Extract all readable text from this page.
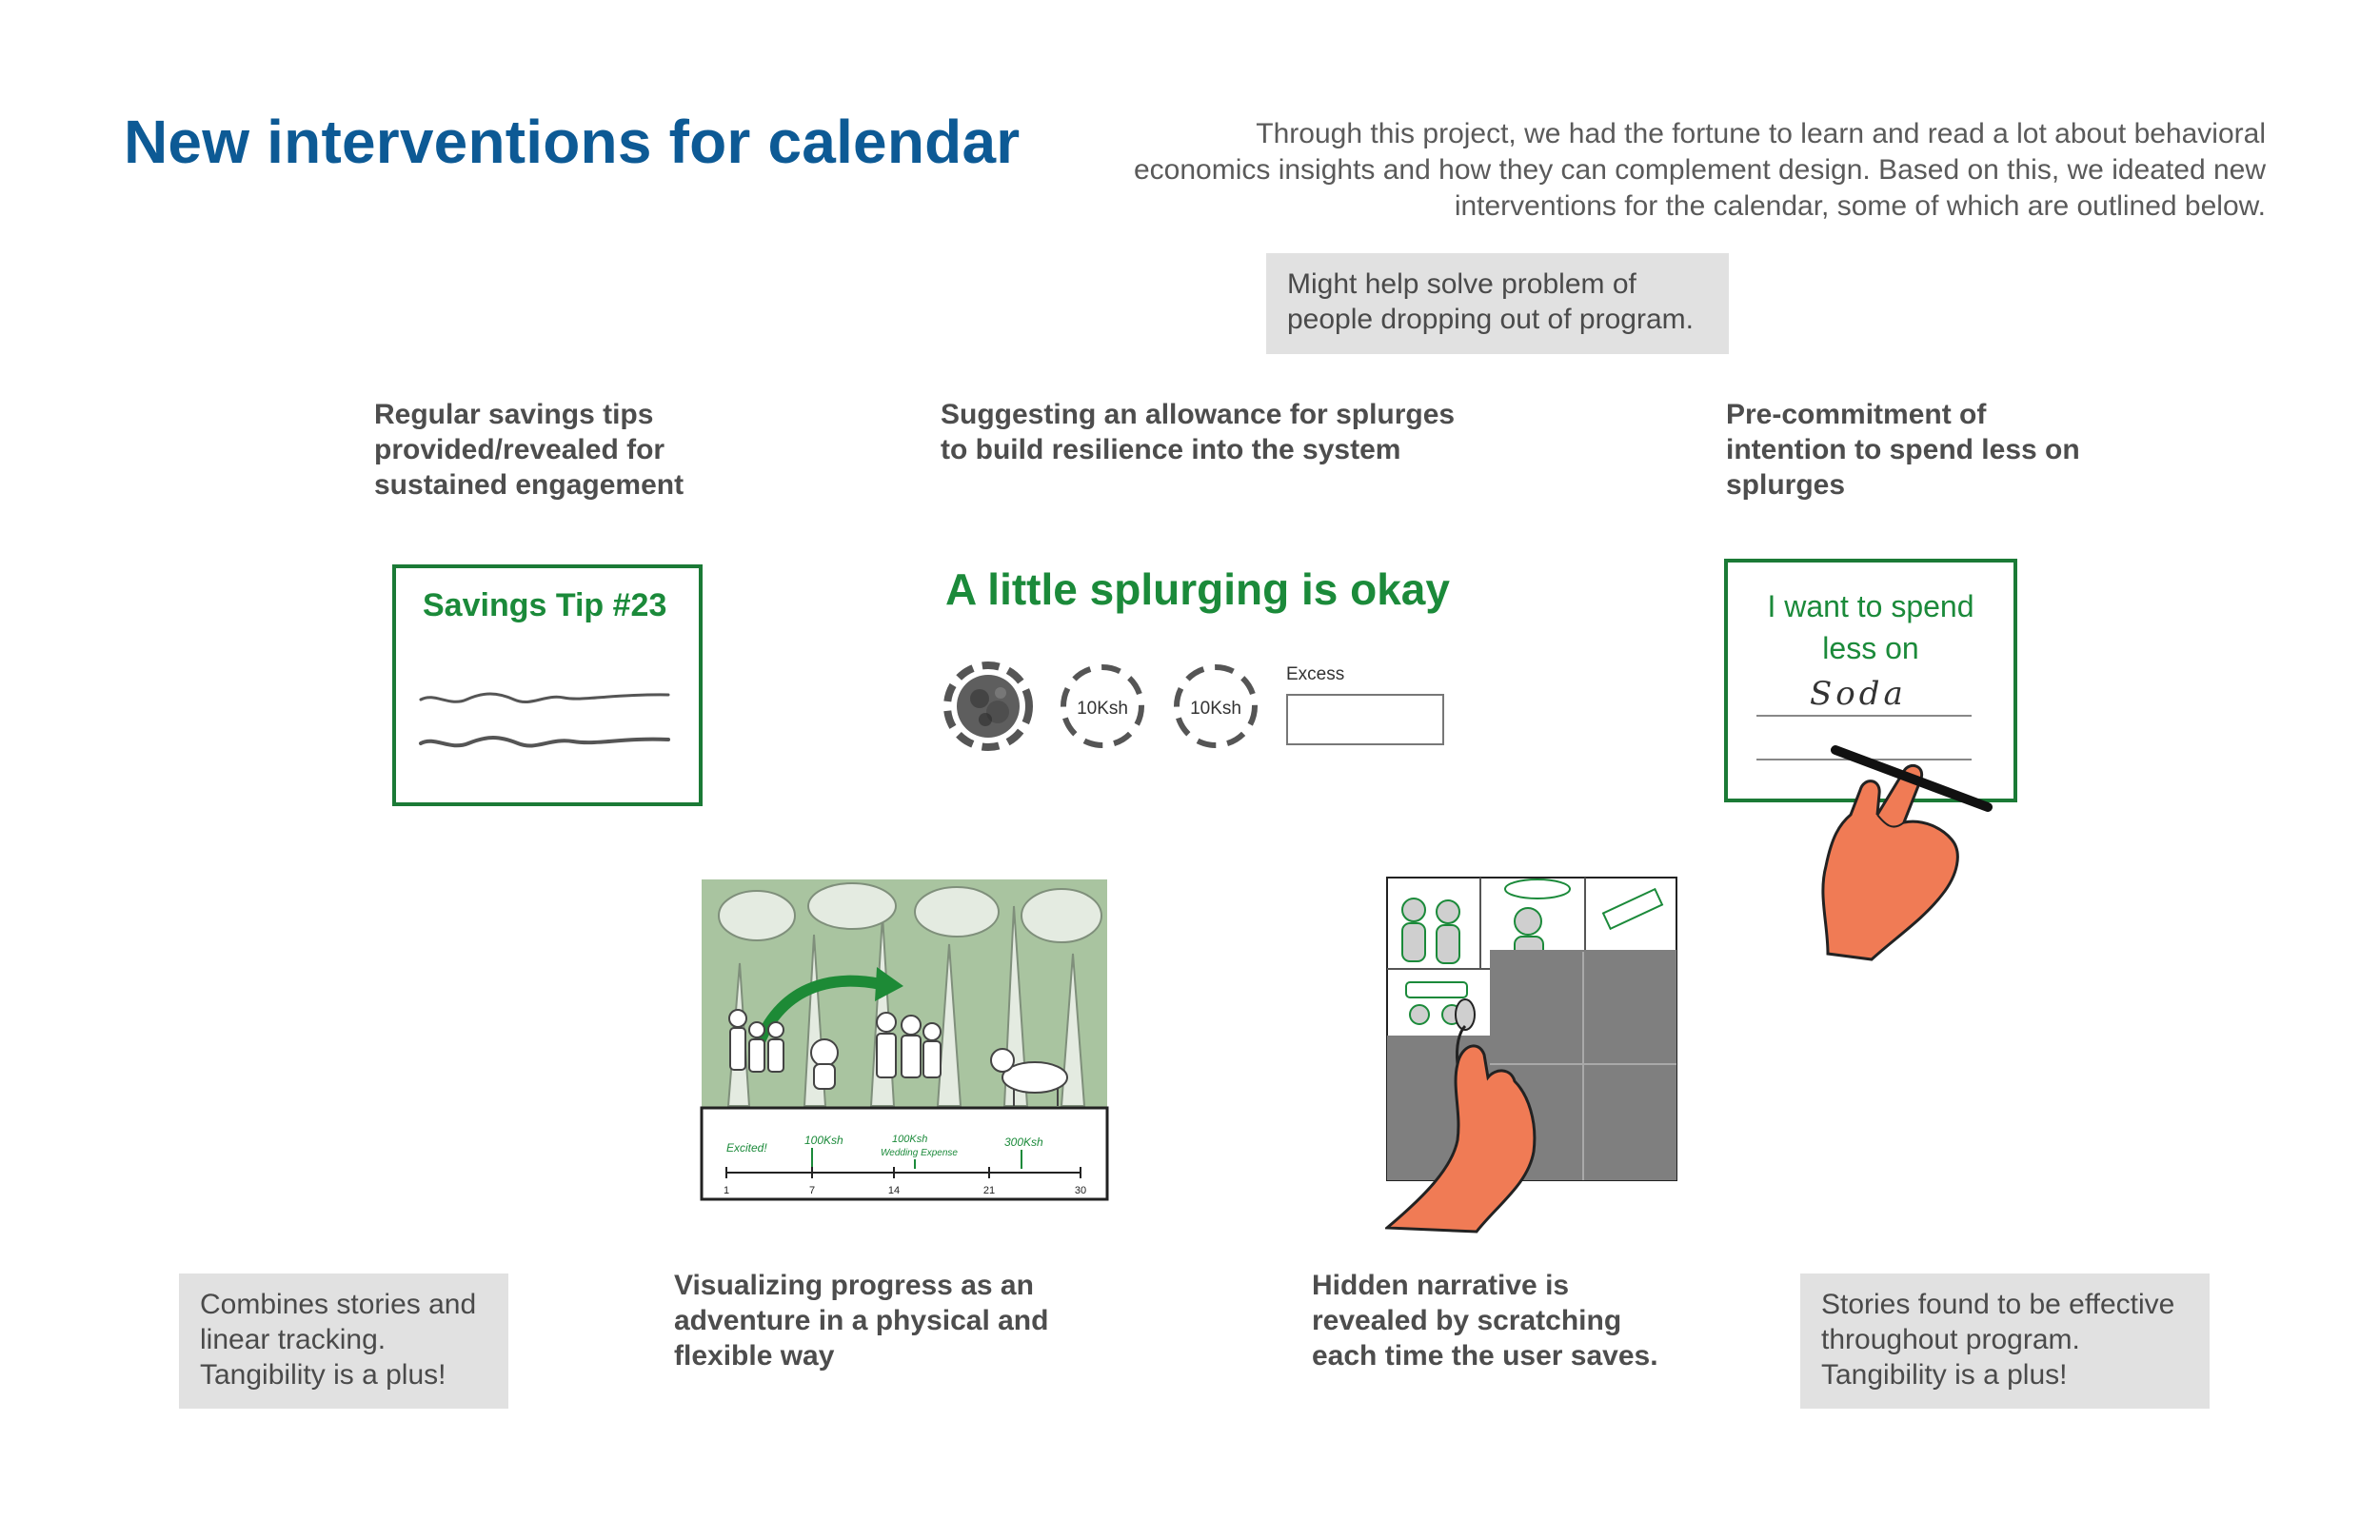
New interventions for calendar	Through this project, we had the fortune to learn and read a lot about behavioral economics insights and how they can complement design. Based on this, we ideated new interventions for the calendar, some of which are outlined below.
Might help solve problem of people dropping out of program.
Regular savings tips provided/revealed for sustained engagement
Suggesting an allowance for splurges to build resilience into the system
Pre-commitment of intention to spend less on splurges
Savings Tip #23	A little splurging is okay
10Ksh	10Ksh
Excess
I want to spend
less on
Soda
Excited!
100Ksh	100Ksh
Wedding Expense
300Ksh
1	7	14	21	30
Combines stories and linear tracking. Tangibility is a plus!
Stories found to be effective throughout program. Tangibility is a plus!
Visualizing progress as an adventure in a physical and flexible way
Hidden narrative is revealed by scratching each time the user saves.
